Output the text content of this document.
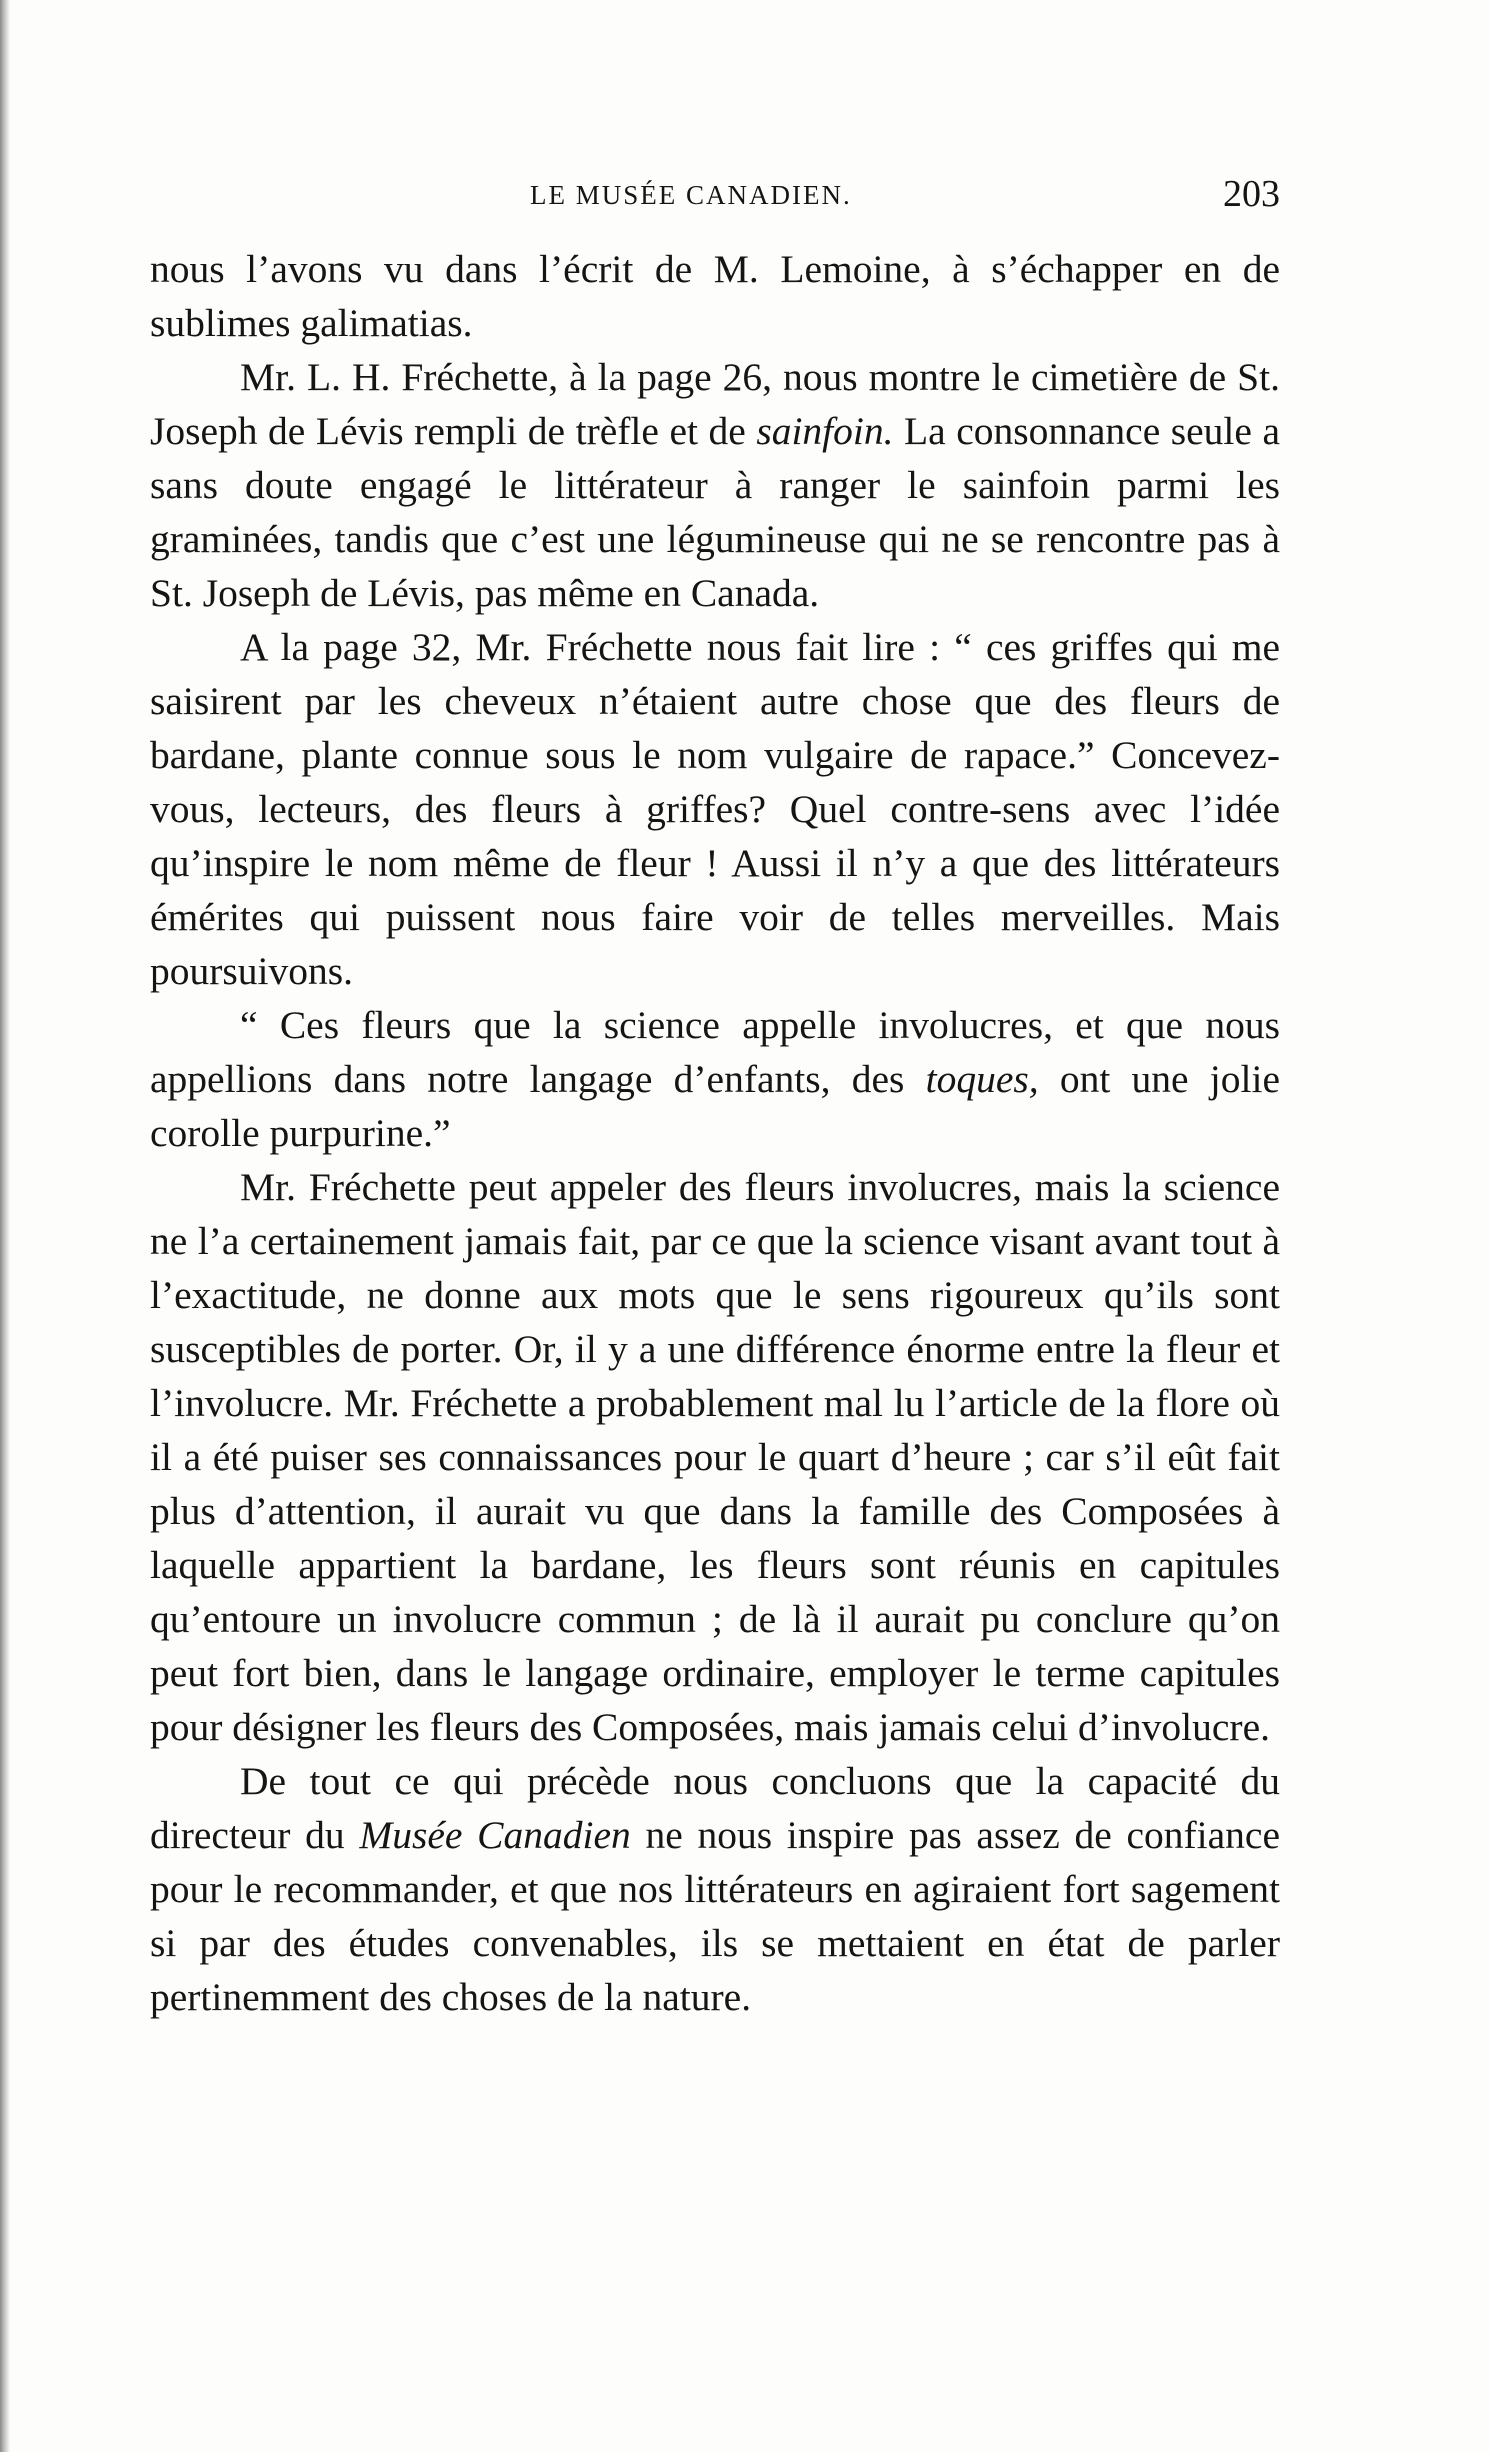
LE MUSÉE CANADIEN.	203

nous l’avons vu dans l’écrit de M. Lemoine, à s’échapper en de sublimes galimatias.

Mr. L. H. Fréchette, à la page 26, nous montre le cimetière de St. Joseph de Lévis rempli de trèfle et de sainfoin. La consonnance seule a sans doute engagé le littérateur à ranger le sainfoin parmi les graminées, tandis que c’est une légumineuse qui ne se rencontre pas à St. Joseph de Lévis, pas même en Canada.

A la page 32, Mr. Fréchette nous fait lire : “ ces griffes qui me saisirent par les cheveux n’étaient autre chose que des fleurs de bardane, plante connue sous le nom vulgaire de rapace.” Concevez-vous, lecteurs, des fleurs à griffes? Quel contre-sens avec l’idée qu’inspire le nom même de fleur ! Aussi il n’y a que des littérateurs émérites qui puissent nous faire voir de telles merveilles. Mais poursuivons.

“ Ces fleurs que la science appelle involucres, et que nous appellions dans notre langage d’enfants, des toques, ont une jolie corolle purpurine.”

Mr. Fréchette peut appeler des fleurs involucres, mais la science ne l’a certainement jamais fait, par ce que la science visant avant tout à l’exactitude, ne donne aux mots que le sens rigoureux qu’ils sont susceptibles de porter. Or, il y a une différence énorme entre la fleur et l’involucre. Mr. Fréchette a probablement mal lu l’article de la flore où il a été puiser ses connaissances pour le quart d’heure ; car s’il eût fait plus d’attention, il aurait vu que dans la famille des Composées à laquelle appartient la bardane, les fleurs sont réunis en capitules qu’entoure un involucre commun ; de là il aurait pu conclure qu’on peut fort bien, dans le langage ordinaire, employer le terme capitules pour désigner les fleurs des Composées, mais jamais celui d’involucre.

De tout ce qui précède nous concluons que la capacité du directeur du Musée Canadien ne nous inspire pas assez de confiance pour le recommander, et que nos littérateurs en agiraient fort sagement si par des études convenables, ils se mettaient en état de parler pertinemment des choses de la nature.
